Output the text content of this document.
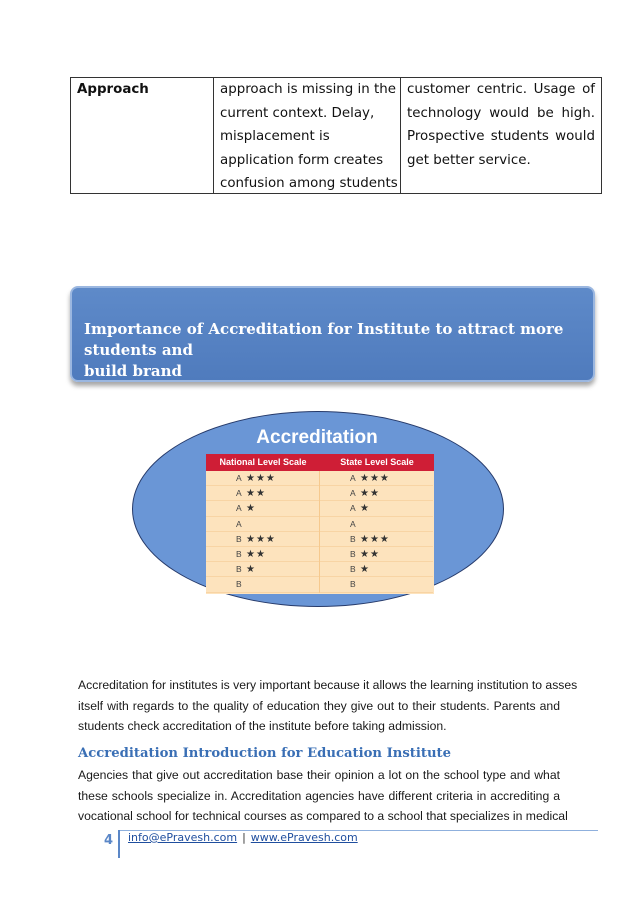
Approach	approach is missing in the
current context. Delay,
misplacement is
application form creates
confusion among students
customer centric. Usage of
technology would be high.
Prospective students would
get better service.
Importance of Accreditation for Institute to attract more students and
build brand
Accreditation
National Level Scale	State Level Scale
A ★★★
A ★★
A ★
A
B ★★★
B ★★
B ★
B
A ★★★
A ★★
A ★
A
B ★★★
B ★★
B ★
B
Accreditation for institutes is very important because it allows the learning institution to asses
itself with regards to the quality of education they give out to their students. Parents and
students check accreditation of the institute before taking admission.
Accreditation Introduction for Education Institute
Agencies that give out accreditation base their opinion a lot on the school type and what
these schools specialize in. Accreditation agencies have different criteria in accrediting a
vocational school for technical courses as compared to a school that specializes in medical
4 info@ePravesh.com | www.ePravesh.com
